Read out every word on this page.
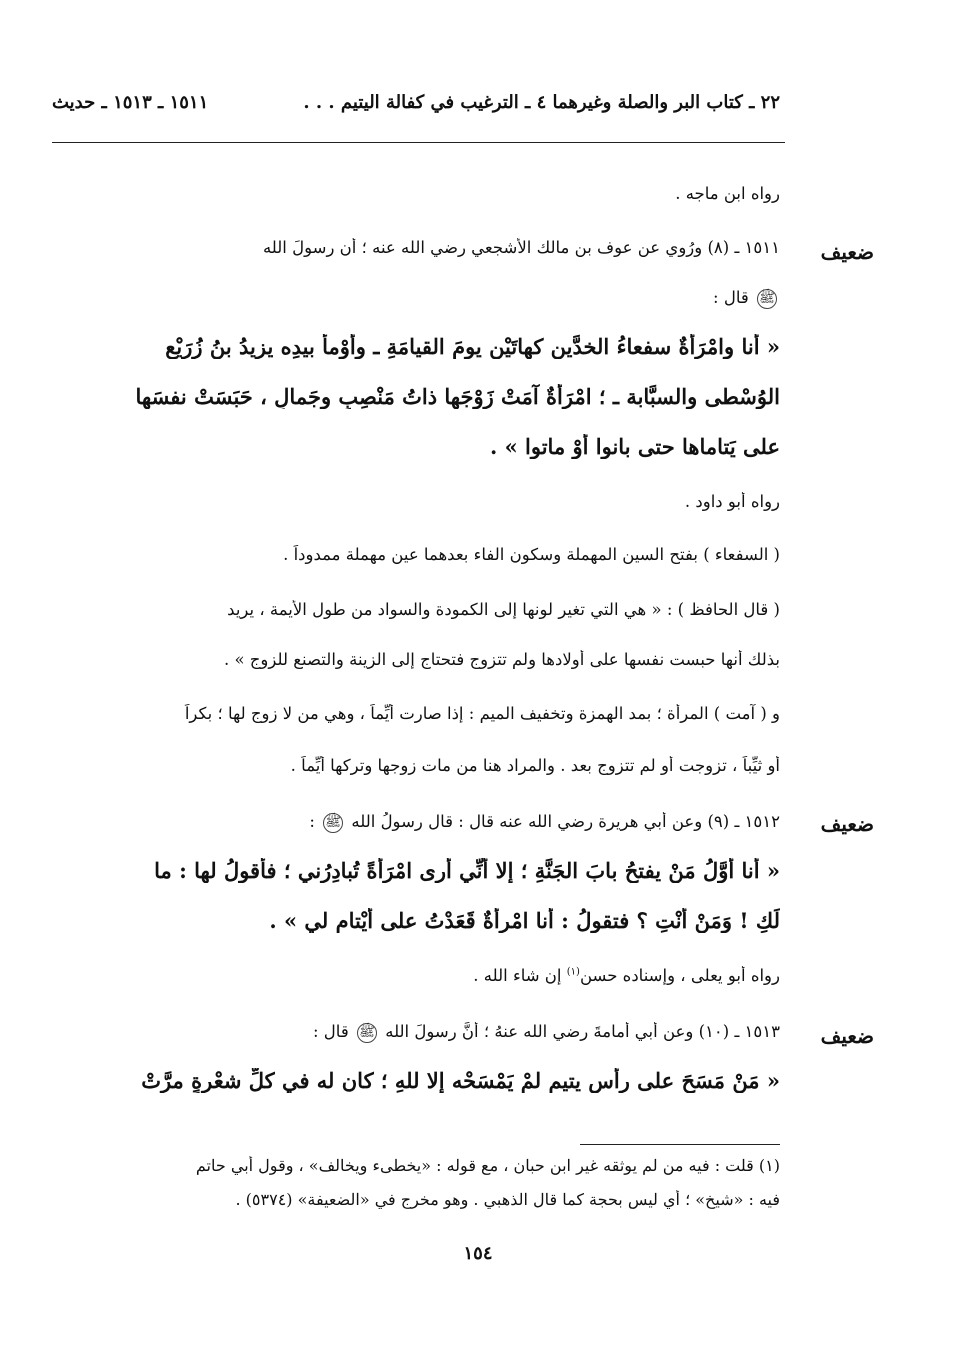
٢٢ ـ كتاب البر والصلة وغيرهما ٤ ـ الترغيب في كفالة اليتيم . . .
١٥١١ ـ ١٥١٣ ـ حديث
رواه ابن ماجه .
ضعيف
١٥١١ ـ (٨) ورُوي عن عوف بن مالك الأشجعي رضي الله عنه ؛ أن رسولَ الله
ﷺ قال :
« أنا وامْرَأَةٌ سفعاءُ الخدَّينِ كهاتَيْن يومَ القيامَةِ ـ وأَوْمأَ بيدِه يزيدُ بنُ زُرَيْع
الوُسْطى والسبَّابة ـ ؛ امْرَأَةٌ آمَتْ زَوْجَها ذاتُ مَنْصِبٍ وجَمالٍ ، حَبَسَتْ نفسَها
على يَتاماها حتى بانوا أوْ ماتوا » .
رواه أبو داود .
( السفعاء ) بفتح السين المهملة وسكون الفاء بعدهما عين مهملة ممدوداً .
( قال الحافظ ) : « هي التي تغير لونها إلى الكمودة والسواد من طول الأيمة ، يريد
بذلك أنها حبست نفسها على أولادها ولم تتزوج فتحتاج إلى الزينة والتصنع للزوج » .
و ( آمت ) المرأة ؛ بمد الهمزة وتخفيف الميم : إذا صارت أيِّماً ، وهي من لا زوج لها ؛ بكراً
أو ثيِّباً ، تزوجت أو لم تتزوج بعد . والمراد هنا من مات زوجها وتركها أيِّماً .
ضعيف
١٥١٢ ـ (٩) وعن أبي هريرة رضي الله عنه قال : قال رسولُ الله ﷺ :
« أنا أوَّلُ مَنْ يفتحُ بابَ الجَنَّةِ ؛ إلا أنِّي أرى امْرَأَةً تُبادِرُني ؛ فأقولُ لها : ما
لَكِ ! وَمَنْ أنْتِ ؟ فتقولُ : أنا امْرأَةٌ قَعَدْتُ على أيْتامٍ لي » .
رواه أبو يعلى ، وإسناده حسن$^{(١)}$ إن شاء الله .
ضعيف
١٥١٣ ـ (١٠) وعن أبي أُمامةَ رضي الله عنهُ ؛ أنَّ رسولَ الله ﷺ قال :
« مَنْ مَسَحَ على رأسِ يتيمٍ لمْ يَمْسَحْه إلا للهِ ؛ كان له في كلِّ شعْرةٍ مرَّتْ
(١) قلت : فيه من لم يوثقه غير ابن حبان ، مع قوله : «يخطىء ويخالف» ، وقول أبي حاتم
فيه : «شيخ» ؛ أي ليس بحجة كما قال الذهبي . وهو مخرج في «الضعيفة» (٥٣٧٤) .
١٥٤
